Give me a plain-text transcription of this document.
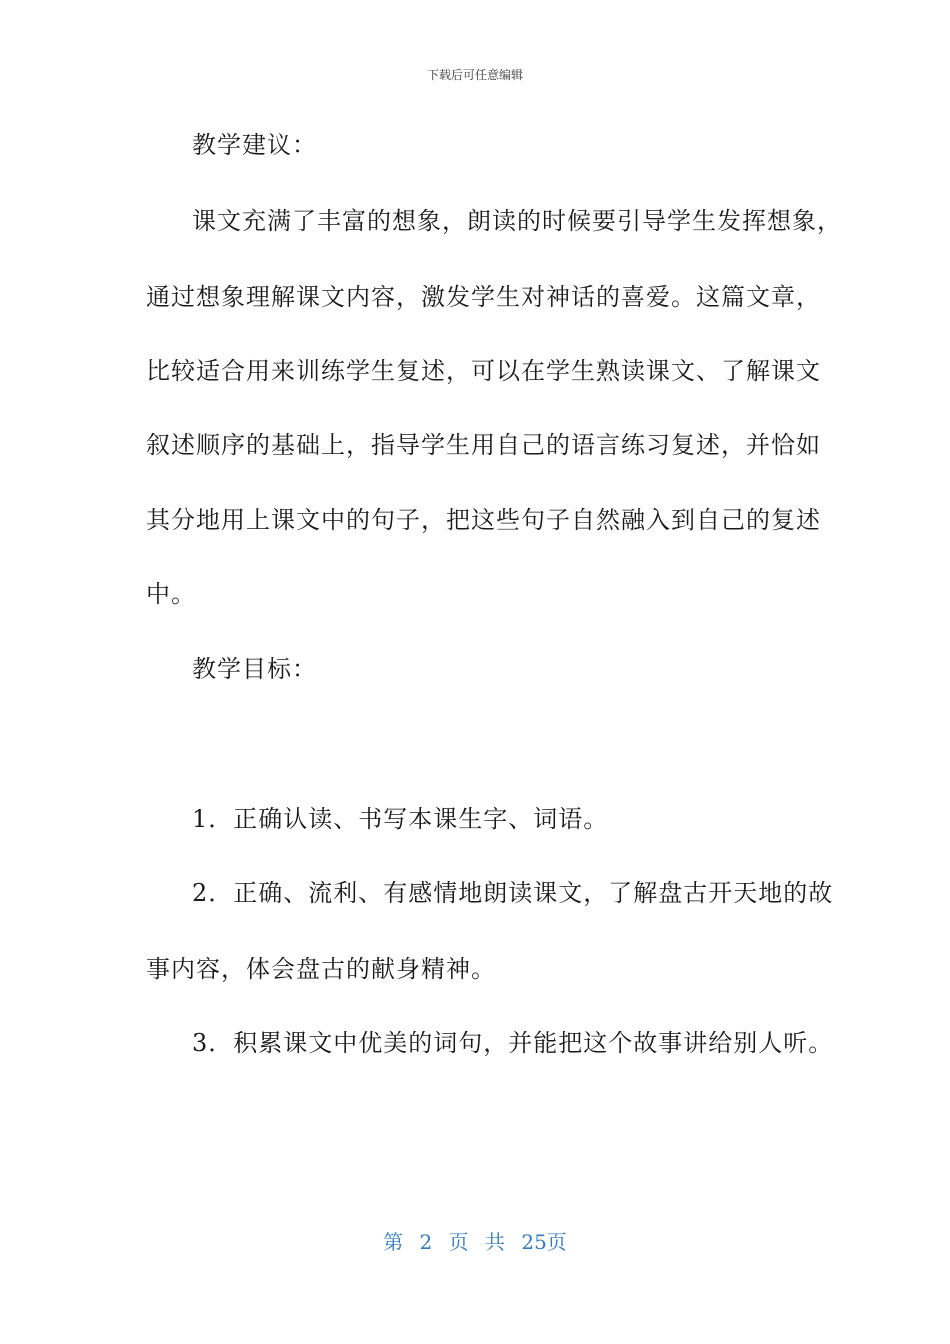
下载后可任意编辑
教学建议：
课文充满了丰富的想象，朗读的时候要引导学生发挥想象，
通过想象理解课文内容，激发学生对神话的喜爱。这篇文章，
比较适合用来训练学生复述，可以在学生熟读课文、了解课文
叙述顺序的基础上，指导学生用自己的语言练习复述，并恰如
其分地用上课文中的句子，把这些句子自然融入到自己的复述
中。
教学目标：
1．正确认读、书写本课生字、词语。
2．正确、流利、有感情地朗读课文，了解盘古开天地的故
事内容，体会盘古的献身精神。
3．积累课文中优美的词句，并能把这个故事讲给别人听。
第 2 页 共 25页
